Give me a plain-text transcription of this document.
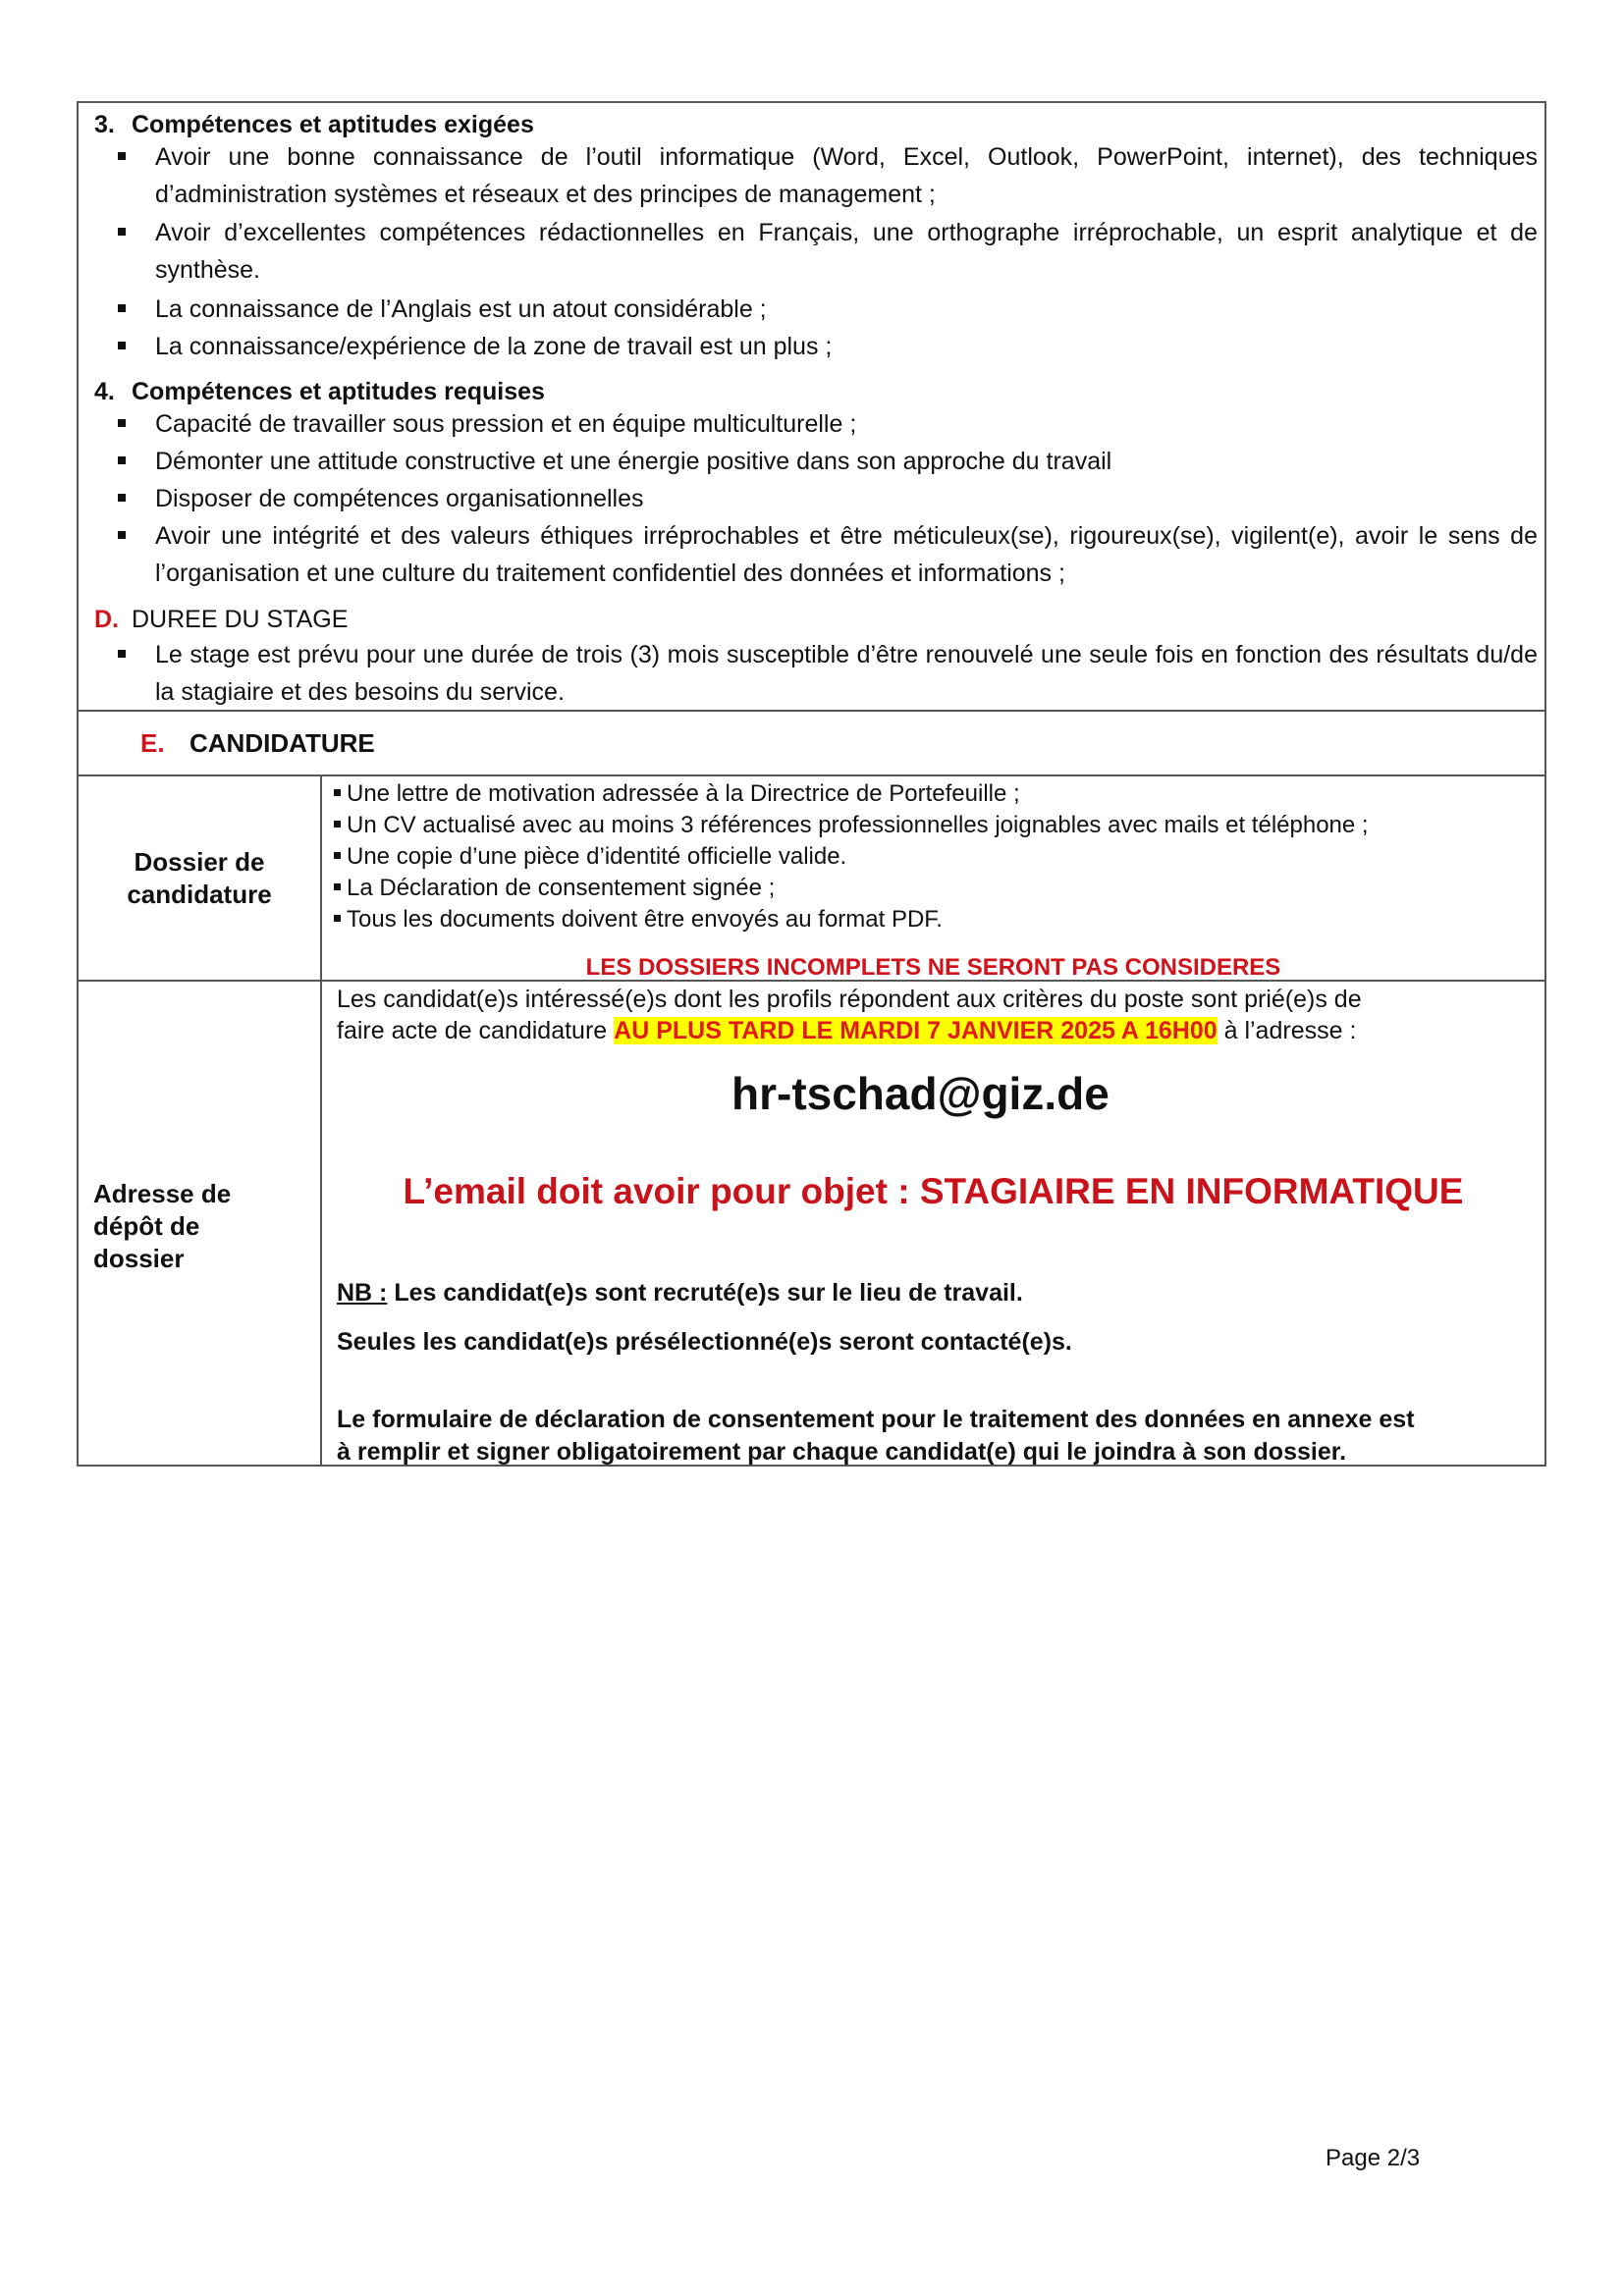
3. Compétences et aptitudes exigées
Avoir une bonne connaissance de l’outil informatique (Word, Excel, Outlook, PowerPoint, internet), des techniques d’administration systèmes et réseaux et des principes de management ;
Avoir d’excellentes compétences rédactionnelles en Français, une orthographe irréprochable, un esprit analytique et de synthèse.
La connaissance de l’Anglais est un atout considérable ;
La connaissance/expérience de la zone de travail est un plus ;
4. Compétences et aptitudes requises
Capacité de travailler sous pression et en équipe multiculturelle ;
Démonter une attitude constructive et une énergie positive dans son approche du travail
Disposer de compétences organisationnelles
Avoir une intégrité et des valeurs éthiques irréprochables et être méticuleux(se), rigoureux(se), vigilent(e), avoir le sens de l’organisation et une culture du traitement confidentiel des données et informations ;
D. DUREE DU STAGE
Le stage est prévu pour une durée de trois (3) mois susceptible d’être renouvelé une seule fois en fonction des résultats du/de la stagiaire et des besoins du service.
E. CANDIDATURE
Dossier de
candidature
Une lettre de motivation adressée à la Directrice de Portefeuille ;
Un CV actualisé avec au moins 3 références professionnelles joignables avec mails et téléphone ;
Une copie d’une pièce d’identité officielle valide.
La Déclaration de consentement signée ;
Tous les documents doivent être envoyés au format PDF.
LES DOSSIERS INCOMPLETS NE SERONT PAS CONSIDERES
Adresse de
dépôt de
dossier
Les candidat(e)s intéressé(e)s dont les profils répondent aux critères du poste sont prié(e)s de
faire acte de candidature AU PLUS TARD LE MARDI 7 JANVIER 2025 A 16H00 à l’adresse :
hr-tschad@giz.de
L’email doit avoir pour objet : STAGIAIRE EN INFORMATIQUE
NB : Les candidat(e)s sont recruté(e)s sur le lieu de travail.
Seules les candidat(e)s présélectionné(e)s seront contacté(e)s.
Le formulaire de déclaration de consentement pour le traitement des données en annexe est
à remplir et signer obligatoirement par chaque candidat(e) qui le joindra à son dossier.
Page 2/3
